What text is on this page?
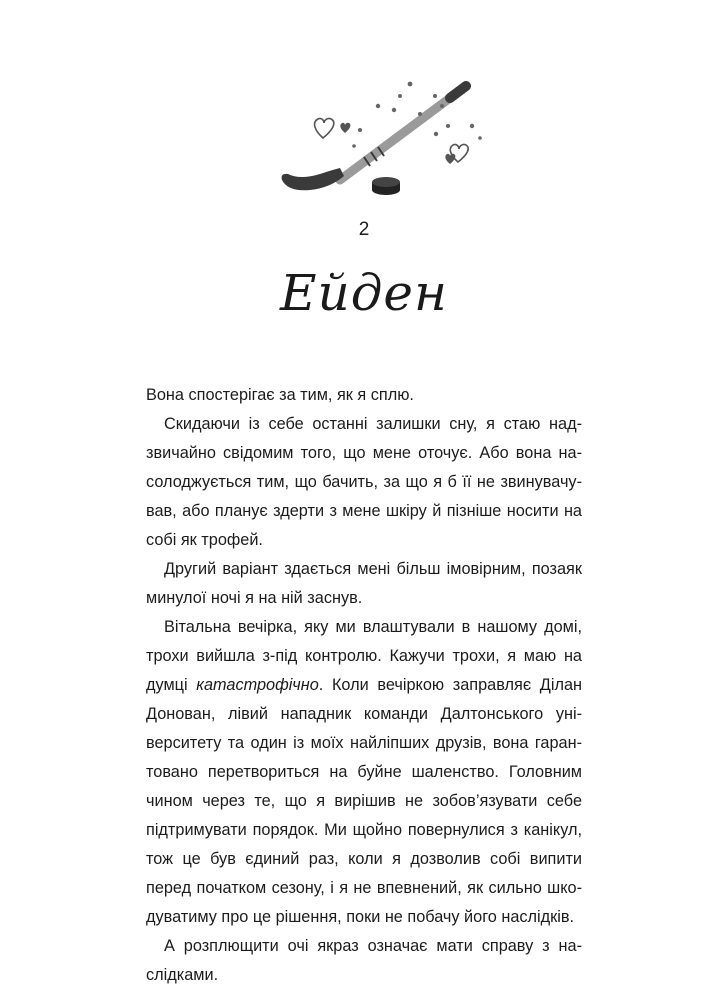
2
Ейден

Вона спостерігає за тим, як я сплю.

Скидаючи із себе останні залишки сну, я стаю надзвичайно свідомим того, що мене оточує. Або вона насолоджується тим, що бачить, за що я б її не звинувачував, або планує здерти з мене шкіру й пізніше носити на собі як трофей.

Другий варіант здається мені більш імовірним, позаяк минулої ночі я на ній заснув.

Вітальна вечірка, яку ми влаштували в нашому домі, трохи вийшла з-під контролю. Кажучи трохи, я маю на думці катастрофічно. Коли вечіркою заправляє Ділан Донован, лівий нападник команди Далтонського університету та один із моїх найліпших друзів, вона гарантовано перетвориться на буйне шаленство. Головним чином через те, що я вирішив не зобов’язувати себе підтримувати порядок. Ми щойно повернулися з канікул, тож це був єдиний раз, коли я дозволив собі випити перед початком сезону, і я не впевнений, як сильно шкодуватиму про це рішення, поки не побачу його наслідків.

А розплющити очі якраз означає мати справу з наслідками.
